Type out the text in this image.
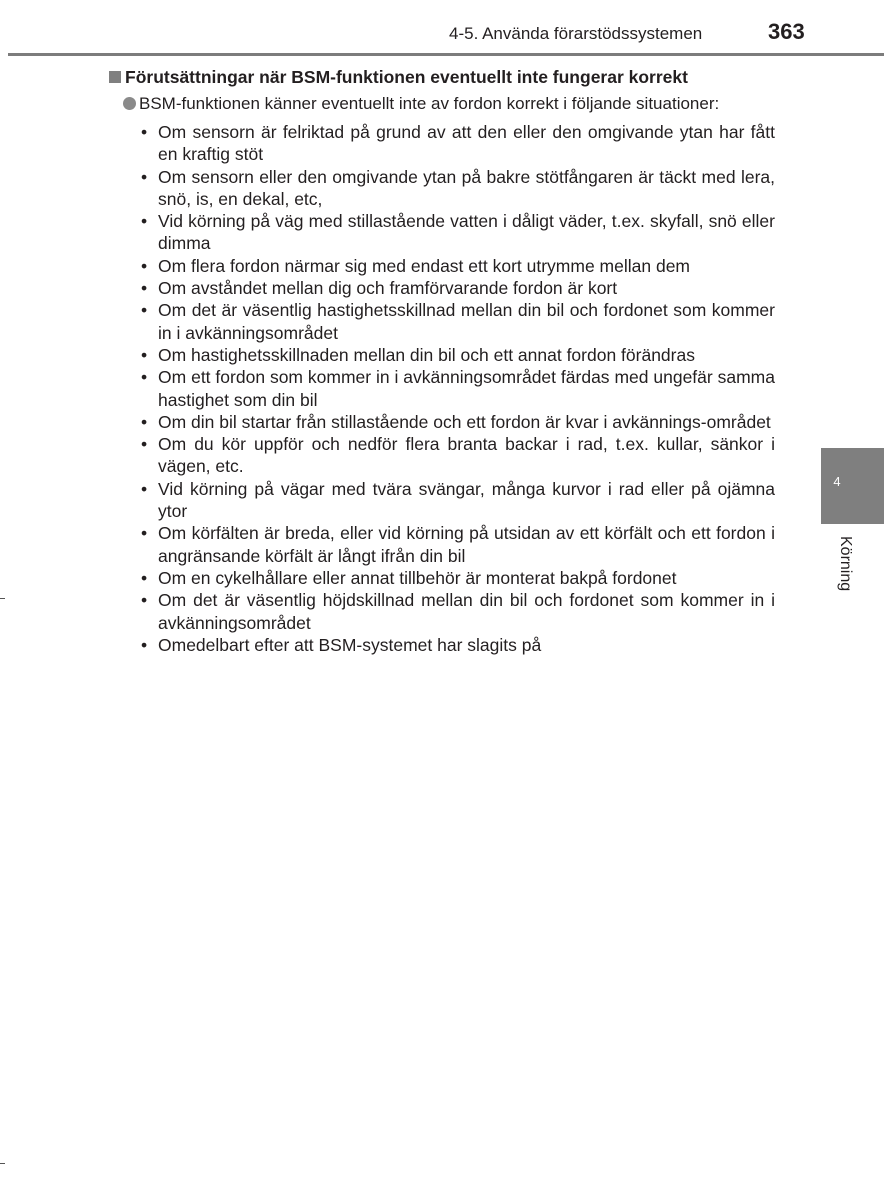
4-5. Använda förarstödssystemen	363
Förutsättningar när BSM-funktionen eventuellt inte fungerar korrekt
BSM-funktionen känner eventuellt inte av fordon korrekt i följande situationer:
• Om sensorn är felriktad på grund av att den eller den omgivande ytan har fått en kraftig stöt
• Om sensorn eller den omgivande ytan på bakre stötfångaren är täckt med lera, snö, is, en dekal, etc,
• Vid körning på väg med stillastående vatten i dåligt väder, t.ex. skyfall, snö eller dimma
• Om flera fordon närmar sig med endast ett kort utrymme mellan dem
• Om avståndet mellan dig och framförvarande fordon är kort
• Om det är väsentlig hastighetsskillnad mellan din bil och fordonet som kommer in i avkänningsområdet
• Om hastighetsskillnaden mellan din bil och ett annat fordon förändras
• Om ett fordon som kommer in i avkänningsområdet färdas med ungefär samma hastighet som din bil
• Om din bil startar från stillastående och ett fordon är kvar i avkännings-området
• Om du kör uppför och nedför flera branta backar i rad, t.ex. kullar, sänkor i vägen, etc.
• Vid körning på vägar med tvära svängar, många kurvor i rad eller på ojämna ytor
• Om körfälten är breda, eller vid körning på utsidan av ett körfält och ett fordon i angränsande körfält är långt ifrån din bil
• Om en cykelhållare eller annat tillbehör är monterat bakpå fordonet
• Om det är väsentlig höjdskillnad mellan din bil och fordonet som kommer in i avkänningsområdet
• Omedelbart efter att BSM-systemet har slagits på
4
Körning
